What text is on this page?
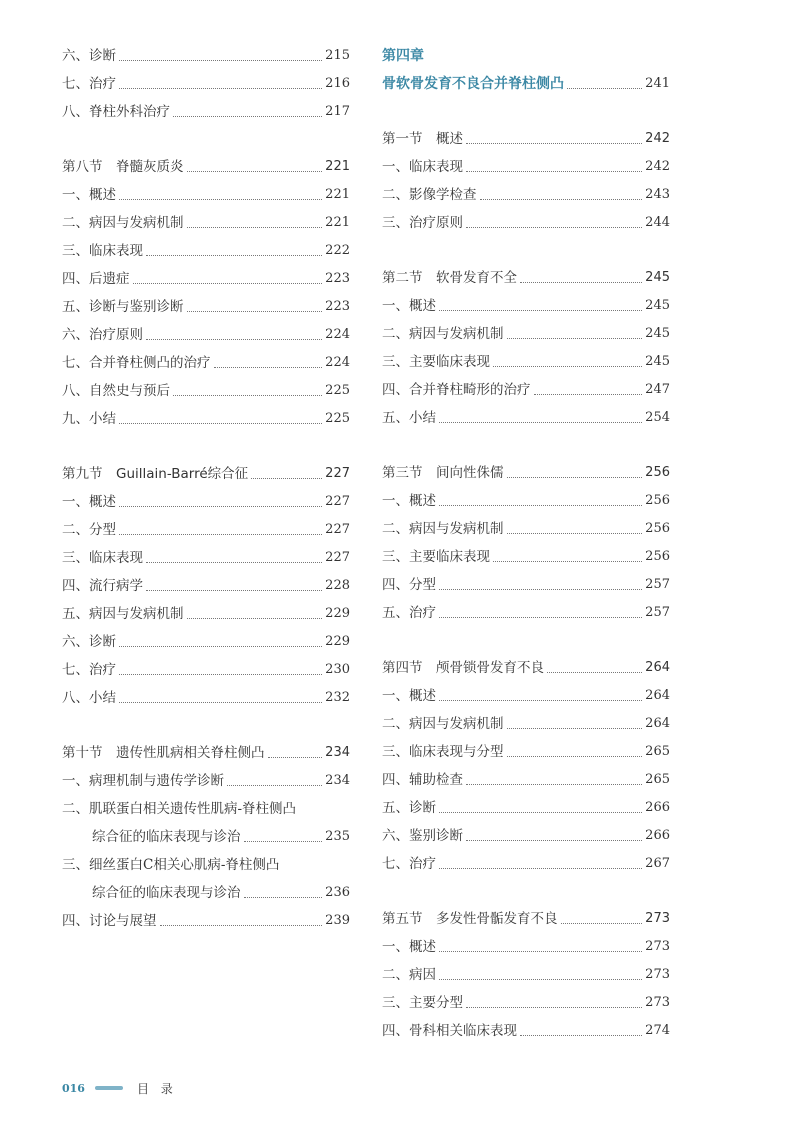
六、诊断	215
七、治疗	216
八、脊柱外科治疗	217
第八节　脊髓灰质炎	221
一、概述	221
二、病因与发病机制	221
三、临床表现	222
四、后遗症	223
五、诊断与鉴别诊断	223
六、治疗原则	224
七、合并脊柱侧凸的治疗	224
八、自然史与预后	225
九、小结	225
第九节　Guillain-Barré综合征	227
一、概述	227
二、分型	227
三、临床表现	227
四、流行病学	228
五、病因与发病机制	229
六、诊断	229
七、治疗	230
八、小结	232
第十节　遗传性肌病相关脊柱侧凸	234
一、病理机制与遗传学诊断	234
二、肌联蛋白相关遗传性肌病-脊柱侧凸
综合征的临床表现与诊治	235
三、细丝蛋白C相关心肌病-脊柱侧凸
综合征的临床表现与诊治	236
四、讨论与展望	239
第四章
骨软骨发育不良合并脊柱侧凸	241
第一节　概述	242
一、临床表现	242
二、影像学检查	243
三、治疗原则	244
第二节　软骨发育不全	245
一、概述	245
二、病因与发病机制	245
三、主要临床表现	245
四、合并脊柱畸形的治疗	247
五、小结	254
第三节　间向性侏儒	256
一、概述	256
二、病因与发病机制	256
三、主要临床表现	256
四、分型	257
五、治疗	257
第四节　颅骨锁骨发育不良	264
一、概述	264
二、病因与发病机制	264
三、临床表现与分型	265
四、辅助检查	265
五、诊断	266
六、鉴别诊断	266
七、治疗	267
第五节　多发性骨骺发育不良	273
一、概述	273
二、病因	273
三、主要分型	273
四、骨科相关临床表现	274
016	目 录
